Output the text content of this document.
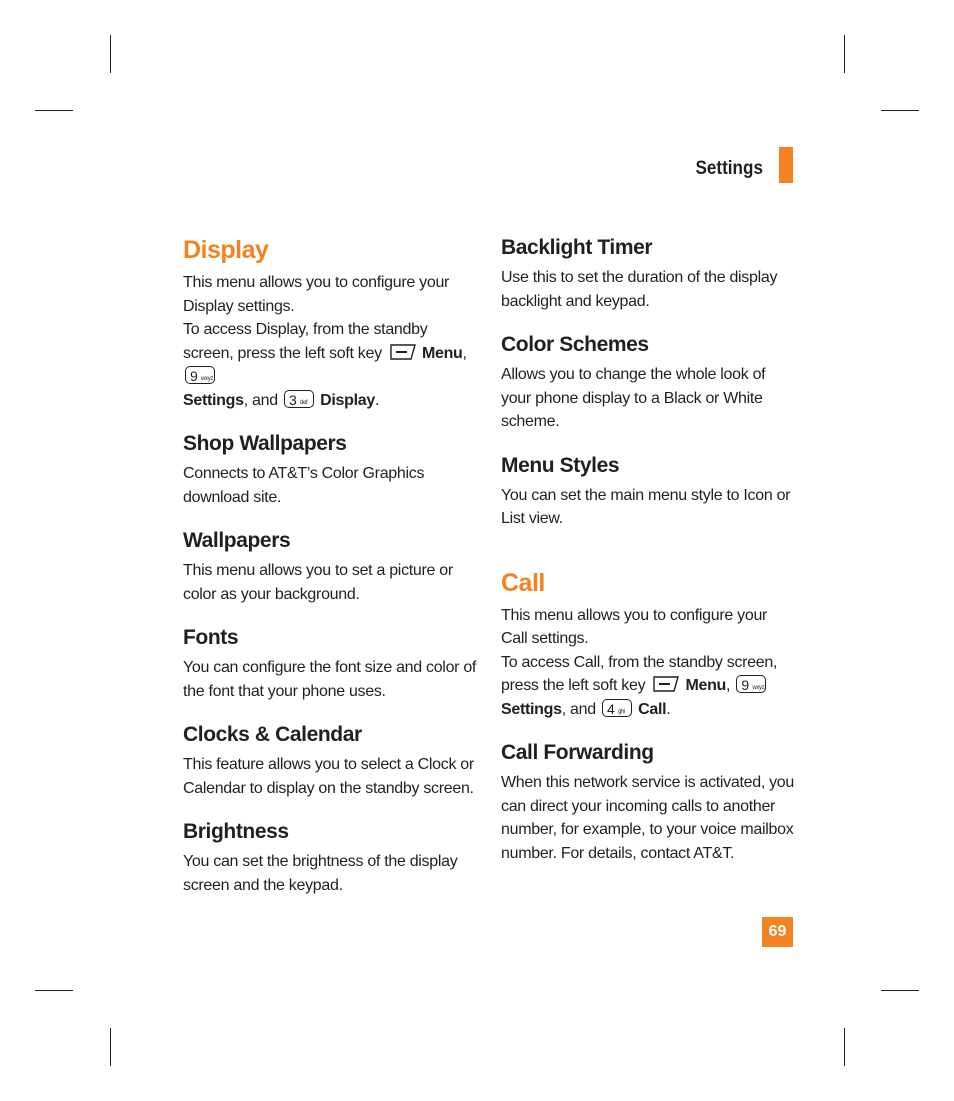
Settings
Display

This menu allows you to configure your Display settings.
To access Display, from the standby screen, press the left soft key	Menu,
9 wxyz

Settings, and 3 def Display.

Shop Wallpapers

Connects to AT&T’s Color Graphics download site.

Wallpapers

This menu allows you to set a picture or color as your background.

Fonts

You can configure the font size and color of the font that your phone uses.

Clocks & Calendar

This feature allows you to select a Clock or Calendar to display on the standby screen.

Brightness

You can set the brightness of the display screen and the keypad.

Backlight Timer

Use this to set the duration of the display backlight and keypad.

Color Schemes

Allows you to change the whole look of your phone display to a Black or White scheme.

Menu Styles

You can set the main menu style to Icon or List view.

Call

This menu allows you to configure your Call settings.
To access Call, from the standby screen, press the left soft key	Menu, 9 wxyz
Settings, and 4 ghi Call.

Call Forwarding

When this network service is activated, you can direct your incoming calls to another number, for example, to your voice mailbox number. For details, contact AT&T.

69
